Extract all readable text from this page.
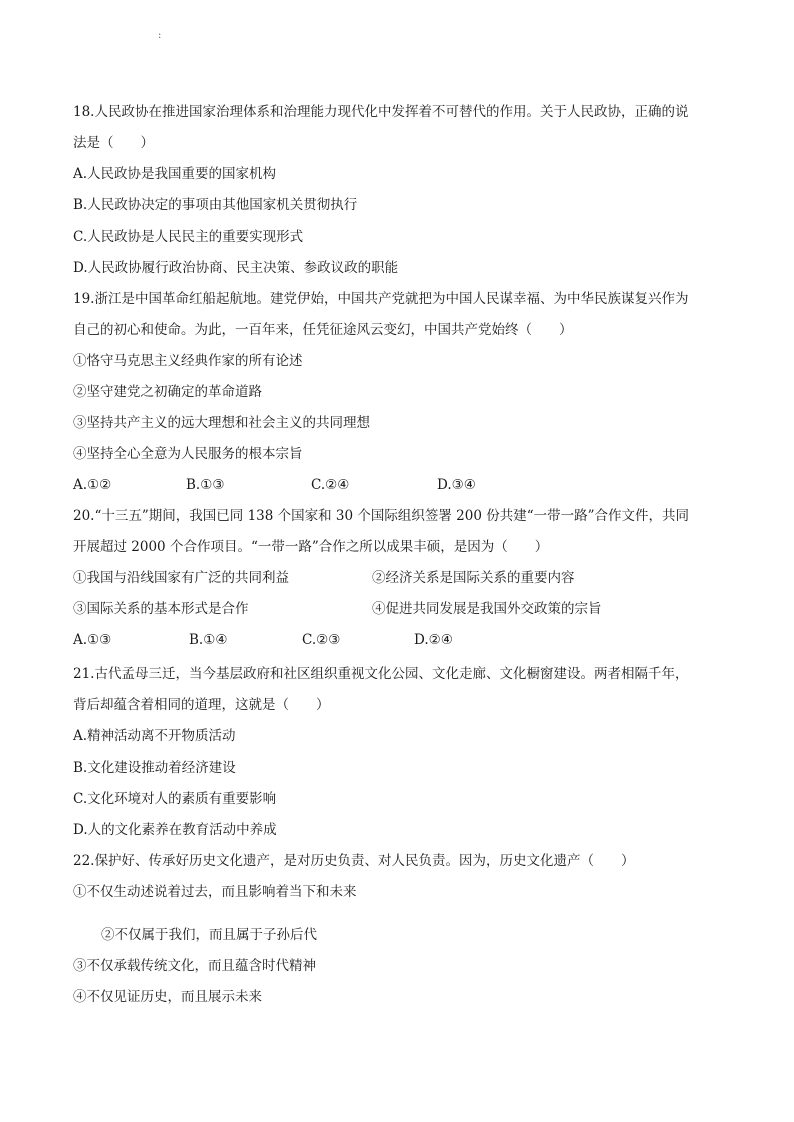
:
18.人民政协在推进国家治理体系和治理能力现代化中发挥着不可替代的作用。关于人民政协，正确的说
法是（　　）
A.人民政协是我国重要的国家机构
B.人民政协决定的事项由其他国家机关贯彻执行
C.人民政协是人民民主的重要实现形式
D.人民政协履行政治协商、民主决策、参政议政的职能
19.浙江是中国革命红船起航地。建党伊始，中国共产党就把为中国人民谋幸福、为中华民族谋复兴作为
自己的初心和使命。为此，一百年来，任凭征途风云变幻，中国共产党始终（　　）
①恪守马克思主义经典作家的所有论述
②坚守建党之初确定的革命道路
③坚持共产主义的远大理想和社会主义的共同理想
④坚持全心全意为人民服务的根本宗旨
A.①②	B.①③	C.②④	D.③④
20.“十三五”期间，我国已同 138 个国家和 30 个国际组织签署 200 份共建“一带一路”合作文件，共同
开展超过 2000 个合作项目。“一带一路”合作之所以成果丰硕，是因为（　　）
①我国与沿线国家有广泛的共同利益	②经济关系是国际关系的重要内容
③国际关系的基本形式是合作	④促进共同发展是我国外交政策的宗旨
A.①③	B.①④	C.②③	D.②④
21.古代孟母三迁，当今基层政府和社区组织重视文化公园、文化走廊、文化橱窗建设。两者相隔千年，
背后却蕴含着相同的道理，这就是（　　）
A.精神活动离不开物质活动
B.文化建设推动着经济建设
C.文化环境对人的素质有重要影响
D.人的文化素养在教育活动中养成
22.保护好、传承好历史文化遗产，是对历史负责、对人民负责。因为，历史文化遗产（　　）
①不仅生动述说着过去，而且影响着当下和未来
②不仅属于我们，而且属于子孙后代
③不仅承载传统文化，而且蕴含时代精神
④不仅见证历史，而且展示未来
